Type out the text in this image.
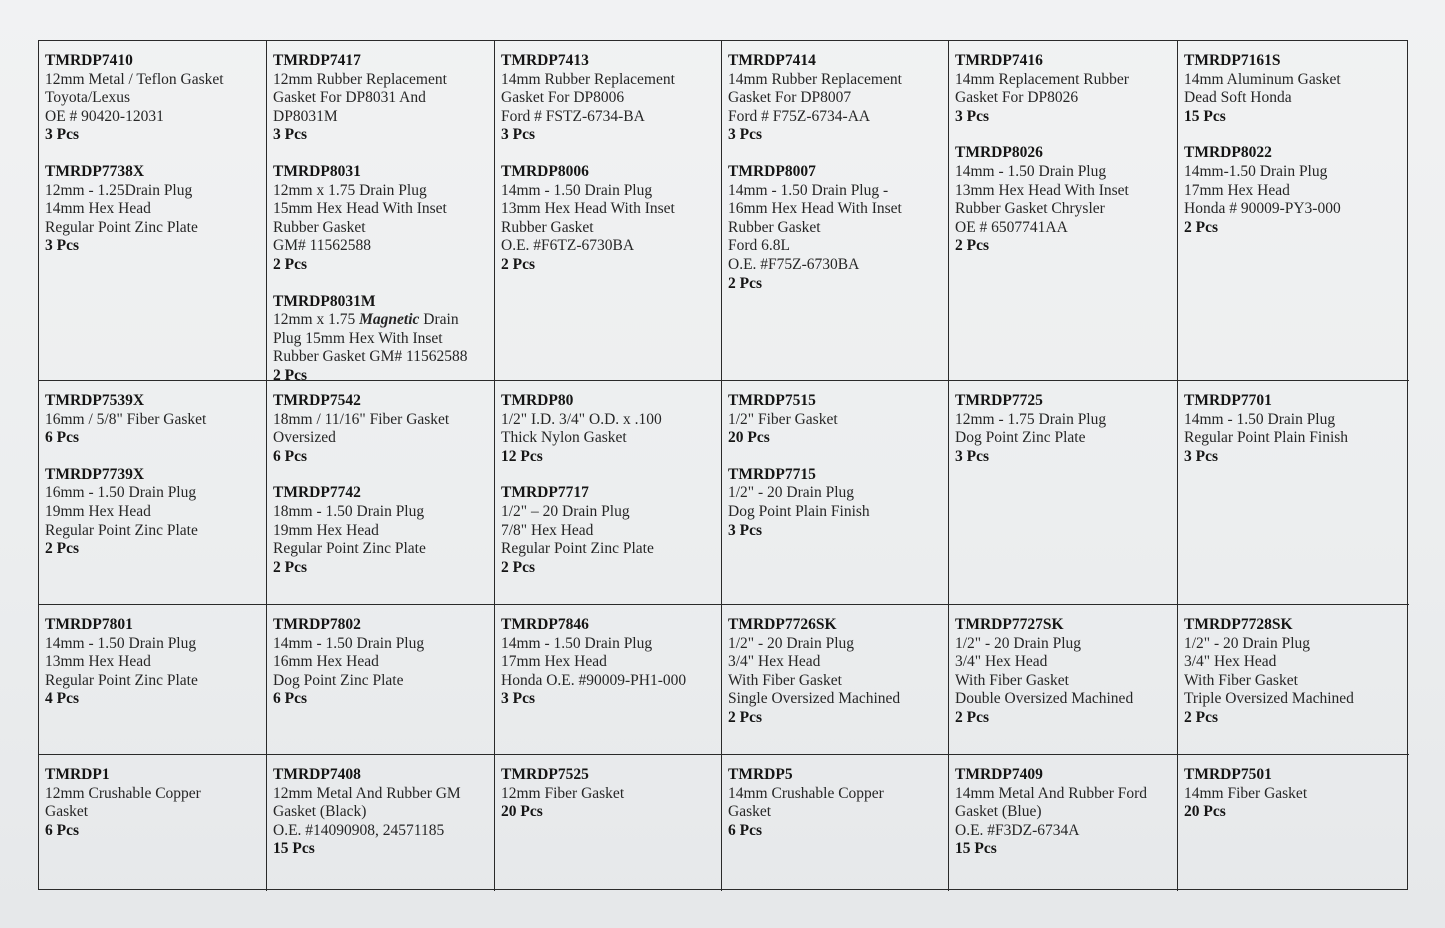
TMRDP7410
12mm Metal / Teflon Gasket
Toyota/Lexus
OE # 90420-12031
3 Pcs
TMRDP7738X
12mm - 1.25Drain Plug
14mm Hex Head
Regular Point Zinc Plate
3 Pcs
TMRDP7417
12mm Rubber Replacement
Gasket For DP8031 And
DP8031M
3 Pcs
TMRDP8031
12mm x 1.75 Drain Plug
15mm Hex Head With Inset
Rubber Gasket
GM# 11562588
2 Pcs
TMRDP8031M
12mm x 1.75 Magnetic Drain
Plug 15mm Hex With Inset
Rubber Gasket GM# 11562588
2 Pcs
TMRDP7413
14mm Rubber Replacement
Gasket For DP8006
Ford # FSTZ-6734-BA
3 Pcs
TMRDP8006
14mm - 1.50 Drain Plug
13mm Hex Head With Inset
Rubber Gasket
O.E. #F6TZ-6730BA
2 Pcs
TMRDP7414
14mm Rubber Replacement
Gasket For DP8007
Ford # F75Z-6734-AA
3 Pcs
TMRDP8007
14mm - 1.50 Drain Plug -
16mm Hex Head With Inset
Rubber Gasket
Ford 6.8L
O.E. #F75Z-6730BA
2 Pcs
TMRDP7416
14mm Replacement Rubber
Gasket For DP8026
3 Pcs
TMRDP8026
14mm - 1.50 Drain Plug
13mm Hex Head With Inset
Rubber Gasket Chrysler
OE # 6507741AA
2 Pcs
TMRDP7161S
14mm Aluminum Gasket
Dead Soft Honda
15 Pcs
TMRDP8022
14mm-1.50 Drain Plug
17mm Hex Head
Honda # 90009-PY3-000
2 Pcs
TMRDP7539X
16mm / 5/8" Fiber Gasket
6 Pcs
TMRDP7739X
16mm - 1.50 Drain Plug
19mm Hex Head
Regular Point Zinc Plate
2 Pcs
TMRDP7542
18mm / 11/16" Fiber Gasket
Oversized
6 Pcs
TMRDP7742
18mm - 1.50 Drain Plug
19mm Hex Head
Regular Point Zinc Plate
2 Pcs
TMRDP80
1/2" I.D. 3/4" O.D. x .100
Thick Nylon Gasket
12 Pcs
TMRDP7717
1/2" – 20 Drain Plug
7/8" Hex Head
Regular Point Zinc Plate
2 Pcs
TMRDP7515
1/2" Fiber Gasket
20 Pcs
TMRDP7715
1/2" - 20 Drain Plug
Dog Point Plain Finish
3 Pcs
TMRDP7725
12mm - 1.75 Drain Plug
Dog Point Zinc Plate
3 Pcs
TMRDP7701
14mm - 1.50 Drain Plug
Regular Point Plain Finish
3 Pcs
TMRDP7801
14mm - 1.50 Drain Plug
13mm Hex Head
Regular Point Zinc Plate
4 Pcs
TMRDP7802
14mm - 1.50 Drain Plug
16mm Hex Head
Dog Point Zinc Plate
6 Pcs
TMRDP7846
14mm - 1.50 Drain Plug
17mm Hex Head
Honda O.E. #90009-PH1-000
3 Pcs
TMRDP7726SK
1/2" - 20 Drain Plug
3/4" Hex Head
With Fiber Gasket
Single Oversized Machined
2 Pcs
TMRDP7727SK
1/2" - 20 Drain Plug
3/4" Hex Head
With Fiber Gasket
Double Oversized Machined
2 Pcs
TMRDP7728SK
1/2" - 20 Drain Plug
3/4" Hex Head
With Fiber Gasket
Triple Oversized Machined
2 Pcs
TMRDP1
12mm Crushable Copper
Gasket
6 Pcs
TMRDP7408
12mm Metal And Rubber GM
Gasket (Black)
O.E. #14090908, 24571185
15 Pcs
TMRDP7525
12mm Fiber Gasket
20 Pcs
TMRDP5
14mm Crushable Copper
Gasket
6 Pcs
TMRDP7409
14mm Metal And Rubber Ford
Gasket (Blue)
O.E. #F3DZ-6734A
15 Pcs
TMRDP7501
14mm Fiber Gasket
20 Pcs
